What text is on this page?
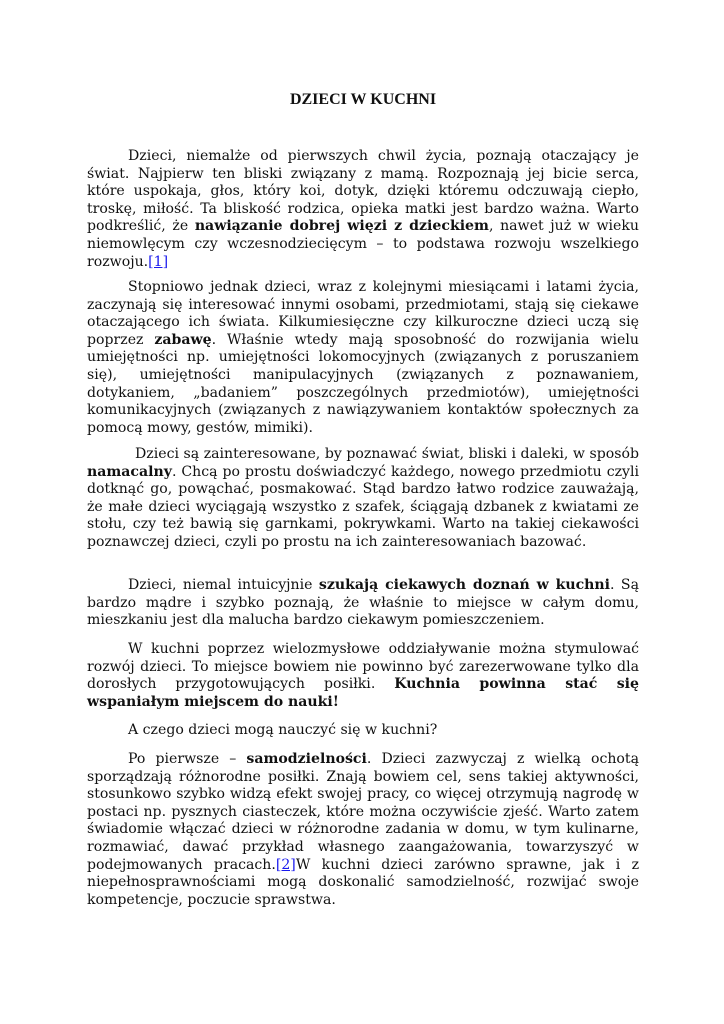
DZIECI W KUCHNI

Dzieci, niemalże od pierwszych chwil życia, poznają otaczający je świat. Najpierw ten bliski związany z mamą. Rozpoznają jej bicie serca, które uspokaja, głos, który koi, dotyk, dzięki któremu odczuwają ciepło, troskę, miłość. Ta bliskość rodzica, opieka matki jest bardzo ważna. Warto podkreślić, że nawiązanie dobrej więzi z dzieckiem, nawet już w wieku niemowlęcym czy wczesnodziecięcym – to podstawa rozwoju wszelkiego rozwoju.[1]

Stopniowo jednak dzieci, wraz z kolejnymi miesiącami i latami życia, zaczynają się interesować innymi osobami, przedmiotami, stają się ciekawe otaczającego ich świata. Kilkumiesięczne czy kilkuroczne dzieci uczą się poprzez zabawę. Właśnie wtedy mają sposobność do rozwijania wielu umiejętności np. umiejętności lokomocyjnych (związanych z poruszaniem się), umiejętności manipulacyjnych (związanych z poznawaniem, dotykaniem, „badaniem” poszczególnych przedmiotów), umiejętności komunikacyjnych (związanych z nawiązywaniem kontaktów społecznych za pomocą mowy, gestów, mimiki).

Dzieci są zainteresowane, by poznawać świat, bliski i daleki, w sposób namacalny. Chcą po prostu doświadczyć każdego, nowego przedmiotu czyli dotknąć go, powąchać, posmakować. Stąd bardzo łatwo rodzice zauważają, że małe dzieci wyciągają wszystko z szafek, ściągają dzbanek z kwiatami ze stołu, czy też bawią się garnkami, pokrywkami. Warto na takiej ciekawości poznawczej dzieci, czyli po prostu na ich zainteresowaniach bazować.

Dzieci, niemal intuicyjnie szukają ciekawych doznań w kuchni. Są bardzo mądre i szybko poznają, że właśnie to miejsce w całym domu, mieszkaniu jest dla malucha bardzo ciekawym pomieszczeniem.

W kuchni poprzez wielozmysłowe oddziaływanie można stymulować rozwój dzieci. To miejsce bowiem nie powinno być zarezerwowane tylko dla dorosłych przygotowujących posiłki. Kuchnia powinna stać się wspaniałym miejscem do nauki!

A czego dzieci mogą nauczyć się w kuchni?

Po pierwsze – samodzielności. Dzieci zazwyczaj z wielką ochotą sporządzają różnorodne posiłki. Znają bowiem cel, sens takiej aktywności, stosunkowo szybko widzą efekt swojej pracy, co więcej otrzymują nagrodę w postaci np. pysznych ciasteczek, które można oczywiście zjeść. Warto zatem świadomie włączać dzieci w różnorodne zadania w domu, w tym kulinarne, rozmawiać, dawać przykład własnego zaangażowania, towarzyszyć w podejmowanych pracach.[2]W kuchni dzieci zarówno sprawne, jak i z niepełnosprawnościami mogą doskonalić samodzielność, rozwijać swoje kompetencje, poczucie sprawstwa.
